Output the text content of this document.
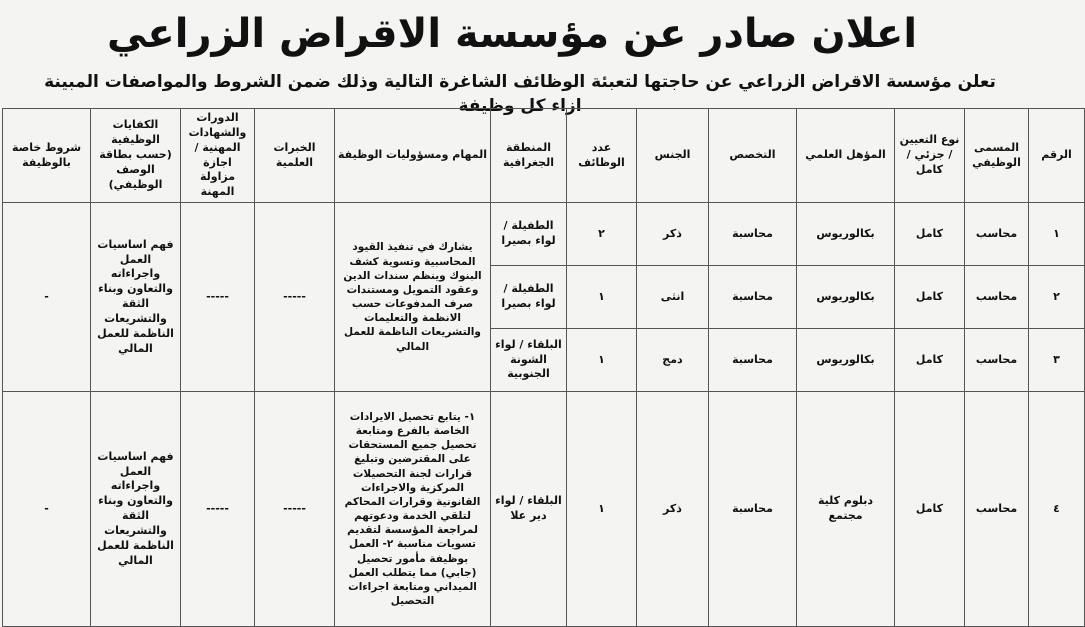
اعلان صادر عن مؤسسة الاقراض الزراعي
تعلن مؤسسة الاقراض الزراعي عن حاجتها لتعبئة الوظائف الشاغرة التالية وذلك ضمن الشروط والمواصفات المبينة ازاء كل وظيفة
الرقم	المسمى الوظيفي	نوع التعيين / جزئي / كامل	المؤهل العلمي	التخصص	الجنس	عدد الوظائف	المنطقة الجغرافية	المهام ومسؤوليات الوظيفة	الخبرات العلمية	الدورات والشهادات المهنية / اجازة مزاولة المهنة	الكفايات الوظيفية (حسب بطاقة الوصف الوظيفي)	شروط خاصة بالوظيفة
١	محاسب	كامل	بكالوريوس	محاسبة	ذكر	٢	الطفيلة / لواء بصيرا	يشارك في تنفيذ القيود المحاسبية وتسوية كشف البنوك وينظم سندات الدين وعقود التمويل ومستندات صرف المدفوعات حسب الانظمة والتعليمات والتشريعات الناظمة للعمل المالي	-----	-----	فهم اساسيات العمل واجراءاته والتعاون وبناء الثقة والتشريعات الناظمة للعمل المالي	-
٢	محاسب	كامل	بكالوريوس	محاسبة	انثى	١	الطفيلة / لواء بصيرا					
٣	محاسب	كامل	بكالوريوس	محاسبة	دمج	١	البلقاء / لواء الشونة الجنوبية					
٤	محاسب	كامل	دبلوم كلية مجتمع	محاسبة	ذكر	١	البلقاء / لواء دير علا	١- يتابع تحصيل الايرادات الخاصة بالفرع ومتابعة تحصيل جميع المستحقات على المقترضين وتبليغ قرارات لجنة التحصيلات المركزية والاجراءات القانونية وقرارات المحاكم لتلقي الخدمة ودعوتهم لمراجعة المؤسسة لتقديم تسويات مناسبة ٢- العمل بوظيفة مأمور تحصيل (جابي) مما يتطلب العمل الميداني ومتابعة اجراءات التحصيل	-----	-----	فهم اساسيات العمل واجراءاته والتعاون وبناء الثقة والتشريعات الناظمة للعمل المالي	-
